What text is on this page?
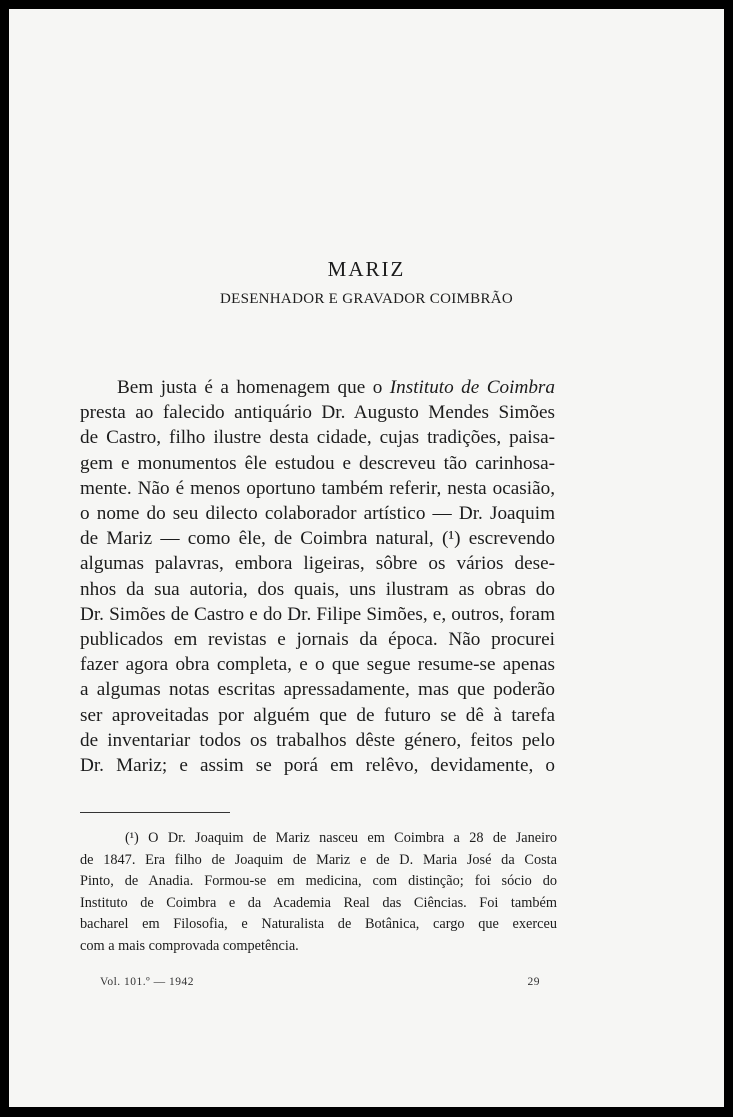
MARIZ
DESENHADOR E GRAVADOR COIMBRÃO
Bem justa é a homenagem que o Instituto de Coimbra
presta ao falecido antiquário Dr. Augusto Mendes Simões
de Castro, filho ilustre desta cidade, cujas tradições, paisa-
gem e monumentos êle estudou e descreveu tão carinhosa-
mente. Não é menos oportuno também referir, nesta ocasião,
o nome do seu dilecto colaborador artístico — Dr. Joaquim
de Mariz — como êle, de Coimbra natural, (¹) escrevendo
algumas palavras, embora ligeiras, sôbre os vários dese-
nhos da sua autoria, dos quais, uns ilustram as obras do
Dr. Simões de Castro e do Dr. Filipe Simões, e, outros, foram
publicados em revistas e jornais da época. Não procurei
fazer agora obra completa, e o que segue resume-se apenas
a algumas notas escritas apressadamente, mas que poderão
ser aproveitadas por alguém que de futuro se dê à tarefa
de inventariar todos os trabalhos dêste género, feitos pelo
Dr. Mariz; e assim se porá em relêvo, devidamente, o
(¹) O Dr. Joaquim de Mariz nasceu em Coimbra a 28 de Janeiro
de 1847. Era filho de Joaquim de Mariz e de D. Maria José da Costa
Pinto, de Anadia. Formou-se em medicina, com distinção; foi sócio do
Instituto de Coimbra e da Academia Real das Ciências. Foi também
bacharel em Filosofia, e Naturalista de Botânica, cargo que exerceu
com a mais comprovada competência.
Vol. 101.º — 1942	29
